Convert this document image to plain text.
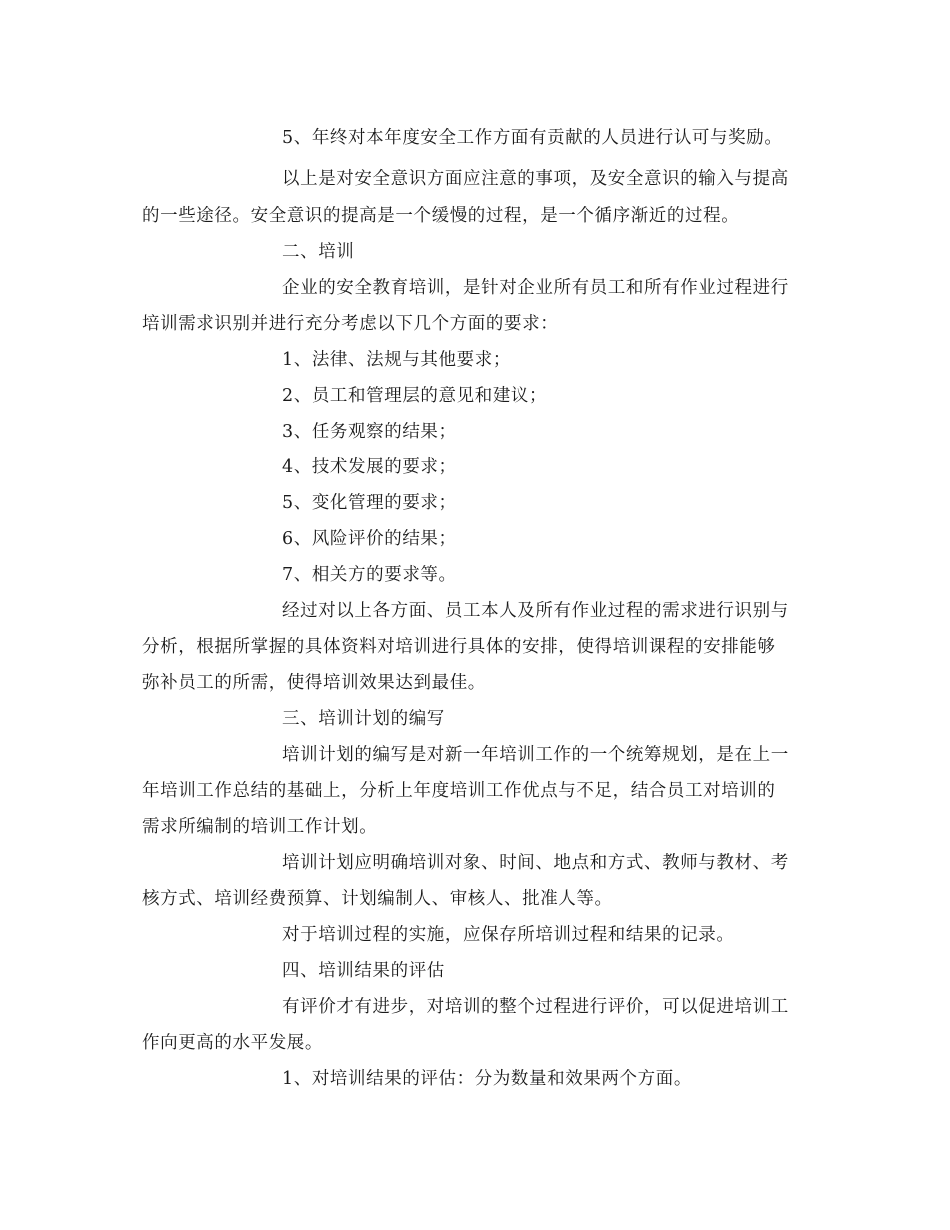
5、年终对本年度安全工作方面有贡献的人员进行认可与奖励。
以上是对安全意识方面应注意的事项，及安全意识的输入与提高
的一些途径。安全意识的提高是一个缓慢的过程，是一个循序渐近的过程。
二、培训
企业的安全教育培训，是针对企业所有员工和所有作业过程进行
培训需求识别并进行充分考虑以下几个方面的要求：
1、法律、法规与其他要求；
2、员工和管理层的意见和建议；
3、任务观察的结果；
4、技术发展的要求；
5、变化管理的要求；
6、风险评价的结果；
7、相关方的要求等。
经过对以上各方面、员工本人及所有作业过程的需求进行识别与
分析，根据所掌握的具体资料对培训进行具体的安排，使得培训课程的安排能够
弥补员工的所需，使得培训效果达到最佳。
三、培训计划的编写
培训计划的编写是对新一年培训工作的一个统筹规划，是在上一
年培训工作总结的基础上，分析上年度培训工作优点与不足，结合员工对培训的
需求所编制的培训工作计划。
培训计划应明确培训对象、时间、地点和方式、教师与教材、考
核方式、培训经费预算、计划编制人、审核人、批准人等。
对于培训过程的实施，应保存所培训过程和结果的记录。
四、培训结果的评估
有评价才有进步，对培训的整个过程进行评价，可以促进培训工
作向更高的水平发展。
1、对培训结果的评估：分为数量和效果两个方面。
